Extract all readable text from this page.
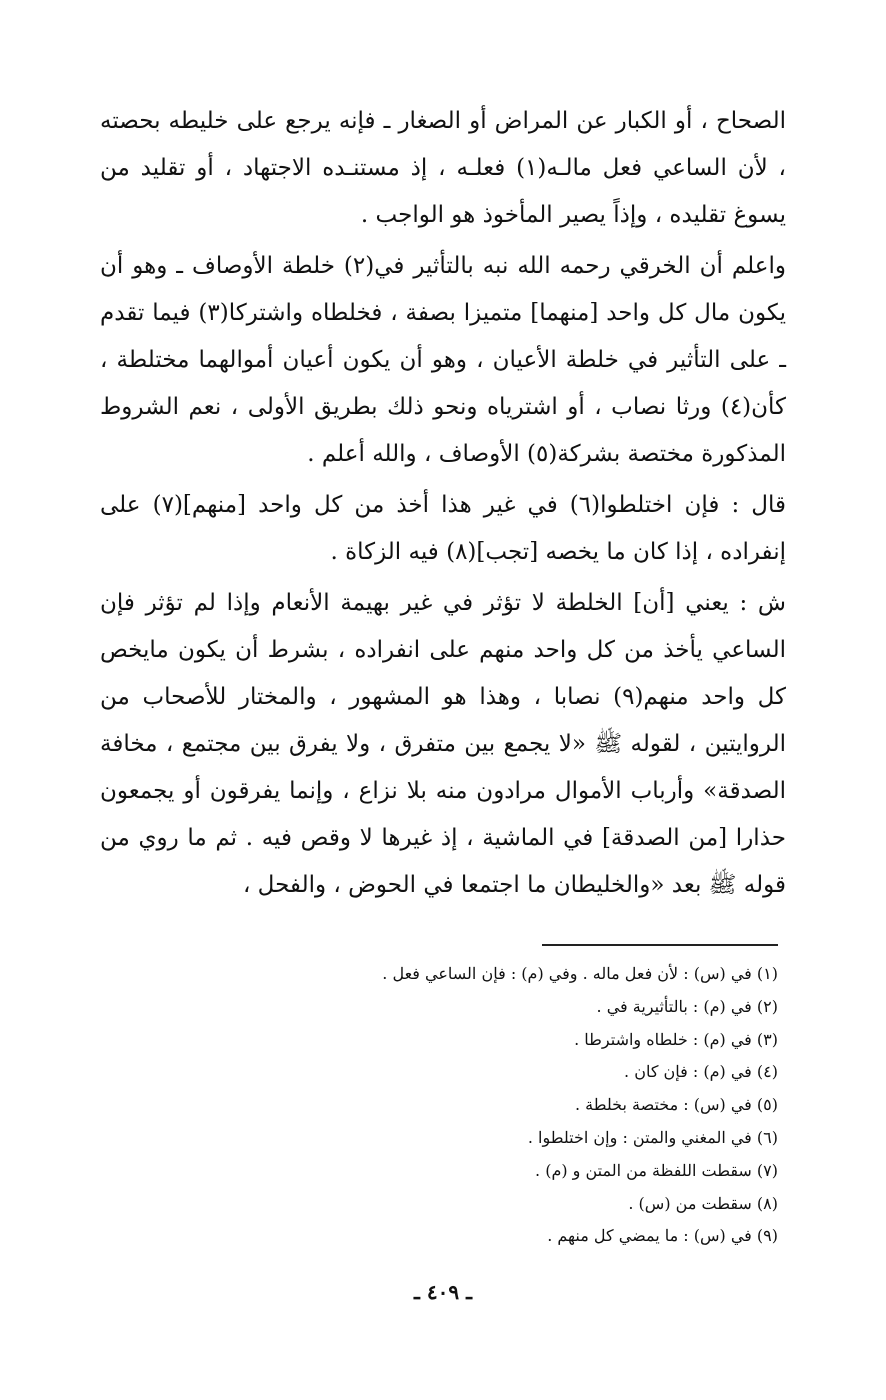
الصحاح ، أو الكبار عن المراض أو الصغار ـ فإنه يرجع على خليطه بحصته ، لأن الساعي فعل مالـه(١) فعلـه ، إذ مستنـده الاجتهاد ، أو تقليد من يسوغ تقليده ، وإذاً يصير المأخوذ هو الواجب .

واعلم أن الخرقي رحمه الله نبه بالتأثير في(٢) خلطة الأوصاف ـ وهو أن يكون مال كل واحد [منهما] متميزا بصفة ، فخلطاه واشتركا(٣) فيما تقدم ـ على التأثير في خلطة الأعيان ، وهو أن يكون أعيان أموالهما مختلطة ، كأن(٤) ورثا نصاب ، أو اشترياه ونحو ذلك بطريق الأولى ، نعم الشروط المذكورة مختصة بشركة(٥) الأوصاف ، والله أعلم .

قال : فإن اختلطوا(٦) في غير هذا أخذ من كل واحد [منهم](٧) على إنفراده ، إذا كان ما يخصه [تجب](٨) فيه الزكاة .

ش : يعني [أن] الخلطة لا تؤثر في غير بهيمة الأنعام وإذا لم تؤثر فإن الساعي يأخذ من كل واحد منهم على انفراده ، بشرط أن يكون مايخص كل واحد منهم(٩) نصابا ، وهذا هو المشهور ، والمختار للأصحاب من الروايتين ، لقوله ﷺ «لا يجمع بين متفرق ، ولا يفرق بين مجتمع ، مخافة الصدقة» وأرباب الأموال مرادون منه بلا نزاع ، وإنما يفرقون أو يجمعون حذارا [من الصدقة] في الماشية ، إذ غيرها لا وقص فيه . ثم ما روي من قوله ﷺ بعد «والخليطان ما اجتمعا في الحوض ، والفحل ،

(١) في (س) : لأن فعل ماله . وفي (م) : فإن الساعي فعل .
(٢) في (م) : بالتأثيرية في .
(٣) في (م) : خلطاه واشترطا .
(٤) في (م) : فإن كان .
(٥) في (س) : مختصة بخلطة .
(٦) في المغني والمتن : وإن اختلطوا .
(٧) سقطت اللفظة من المتن و (م) .
(٨) سقطت من (س) .
(٩) في (س) : ما يمضي كل منهم .
ـ ٤٠٩ ـ
